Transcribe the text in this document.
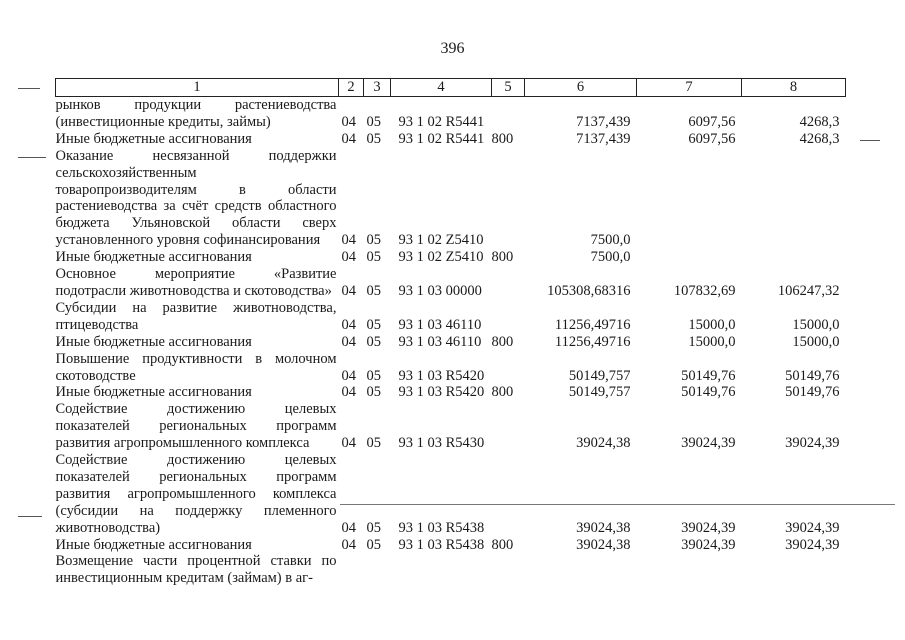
396
1	2	3	4	5	6	7	8
рынков продукции растениеводства (инвестиционные кредиты, займы)	04	05	93 1 02 R5441		7137,439	6097,56	4268,3
Иные бюджетные ассигнования	04	05	93 1 02 R5441	800	7137,439	6097,56	4268,3
Оказание несвязанной поддержки сельскохозяйственным товаропроизводителям в области растениеводства за счёт средств областного бюджета Ульяновской области сверх установленного уровня софинансирования	04	05	93 1 02 Z5410		7500,0		
Иные бюджетные ассигнования	04	05	93 1 02 Z5410	800	7500,0		
Основное мероприятие «Развитие подотрасли животноводства и скотоводства»	04	05	93 1 03 00000		105308,68316	107832,69	106247,32
Субсидии на развитие животноводства, птицеводства	04	05	93 1 03 46110		11256,49716	15000,0	15000,0
Иные бюджетные ассигнования	04	05	93 1 03 46110	800	11256,49716	15000,0	15000,0
Повышение продуктивности в молочном скотоводстве	04	05	93 1 03 R5420		50149,757	50149,76	50149,76
Иные бюджетные ассигнования	04	05	93 1 03 R5420	800	50149,757	50149,76	50149,76
Содействие достижению целевых показателей региональных программ развития агропромышленного комплекса	04	05	93 1 03 R5430		39024,38	39024,39	39024,39
Содействие достижению целевых показателей региональных программ развития агропромышленного комплекса (субсидии на поддержку племенного животноводства)	04	05	93 1 03 R5438		39024,38	39024,39	39024,39
Иные бюджетные ассигнования	04	05	93 1 03 R5438	800	39024,38	39024,39	39024,39
Возмещение части процентной ставки по инвестиционным кредитам (займам) в аг-							
